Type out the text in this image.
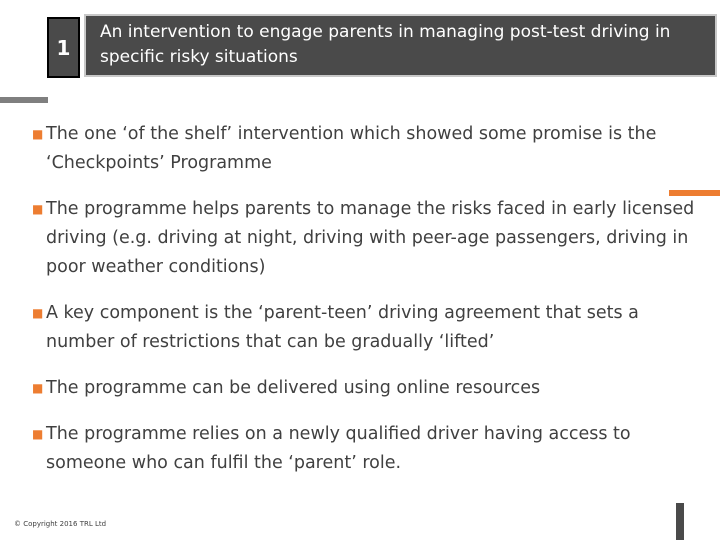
1
An intervention to engage parents in managing post-test driving in specific risky situations
■ The one ‘of the shelf’ intervention which showed some promise is the ‘Checkpoints’ Programme
■ The programme helps parents to manage the risks faced in early licensed driving (e.g. driving at night, driving with peer-age passengers, driving in poor weather conditions)
■ A key component is the ‘parent-teen’ driving agreement that sets a number of restrictions that can be gradually ‘lifted’
■ The programme can be delivered using online resources
■ The programme relies on a newly qualified driver having access to someone who can fulfil the ‘parent’ role.
© Copyright 2016 TRL Ltd
